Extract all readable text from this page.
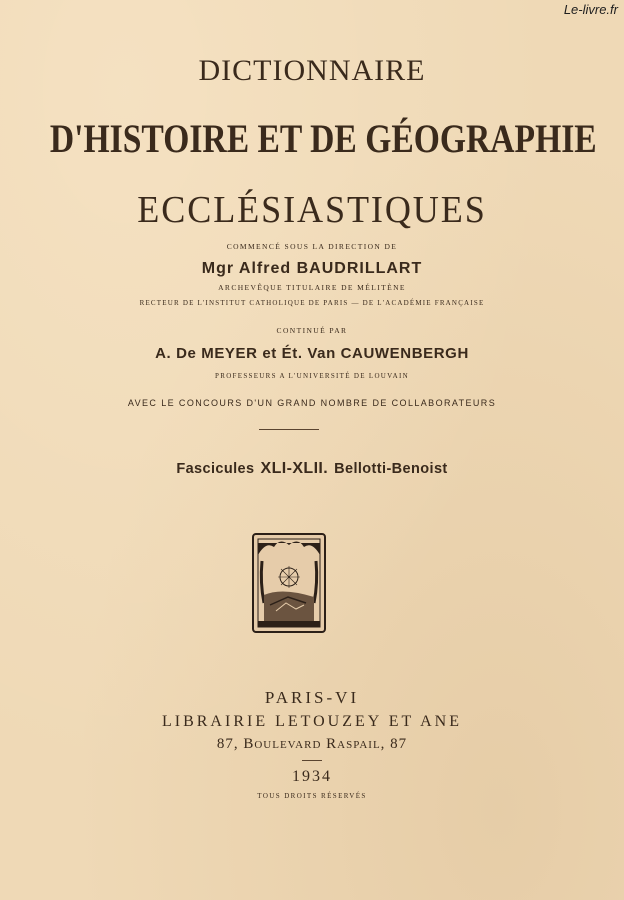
Le-livre.fr
DICTIONNAIRE
D'HISTOIRE ET DE GÉOGRAPHIE
ECCLÉSIASTIQUES
COMMENCÉ SOUS LA DIRECTION DE
Mgr Alfred BAUDRILLART
ARCHEVÊQUE TITULAIRE DE MÉLITÈNE
RECTEUR DE L'INSTITUT CATHOLIQUE DE PARIS — DE L'ACADÉMIE FRANÇAISE
CONTINUÉ PAR
A. De MEYER et Ét. Van CAUWENBERGH
PROFESSEURS A L'UNIVERSITÉ DE LOUVAIN
AVEC LE CONCOURS D'UN GRAND NOMBRE DE COLLABORATEURS
Fascicules XLI-XLII. Bellotti-Benoist
PARIS-VI
LIBRAIRIE LETOUZEY ET ANE
87, Boulevard Raspail, 87
1934
TOUS DROITS RÉSERVÉS
